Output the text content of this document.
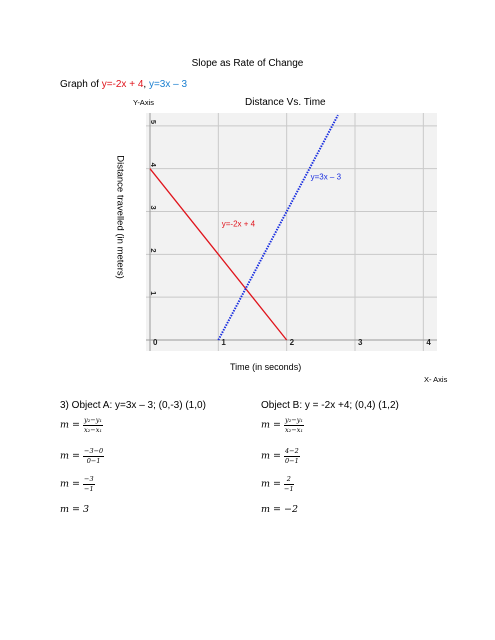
Slope as Rate of Change
Graph of y=-2x + 4, y=3x – 3
Y-Axis	Distance Vs. Time
Distance travelled (in meters)
Time (in seconds)
X- Axis
0	1	2	3	4
1
2
3
4
5
y=-2x + 4
y=3x – 3
3) Object A: y=3x – 3; (0,-3) (1,0)
$m = \frac{\text{y₂−y₁}}{\text{x₂−x₁}}$
$m = \frac{-3-0}{0-1}$
$m = \frac{-3}{-1}$
m = 3
Object B: y = -2x +4; (0,4) (1,2)
$m = \frac{\text{y₂−y₁}}{\text{x₂−x₁}}$
$m = \frac{4-2}{0-1}$
$m = \frac{2}{-1}$
m = −2
